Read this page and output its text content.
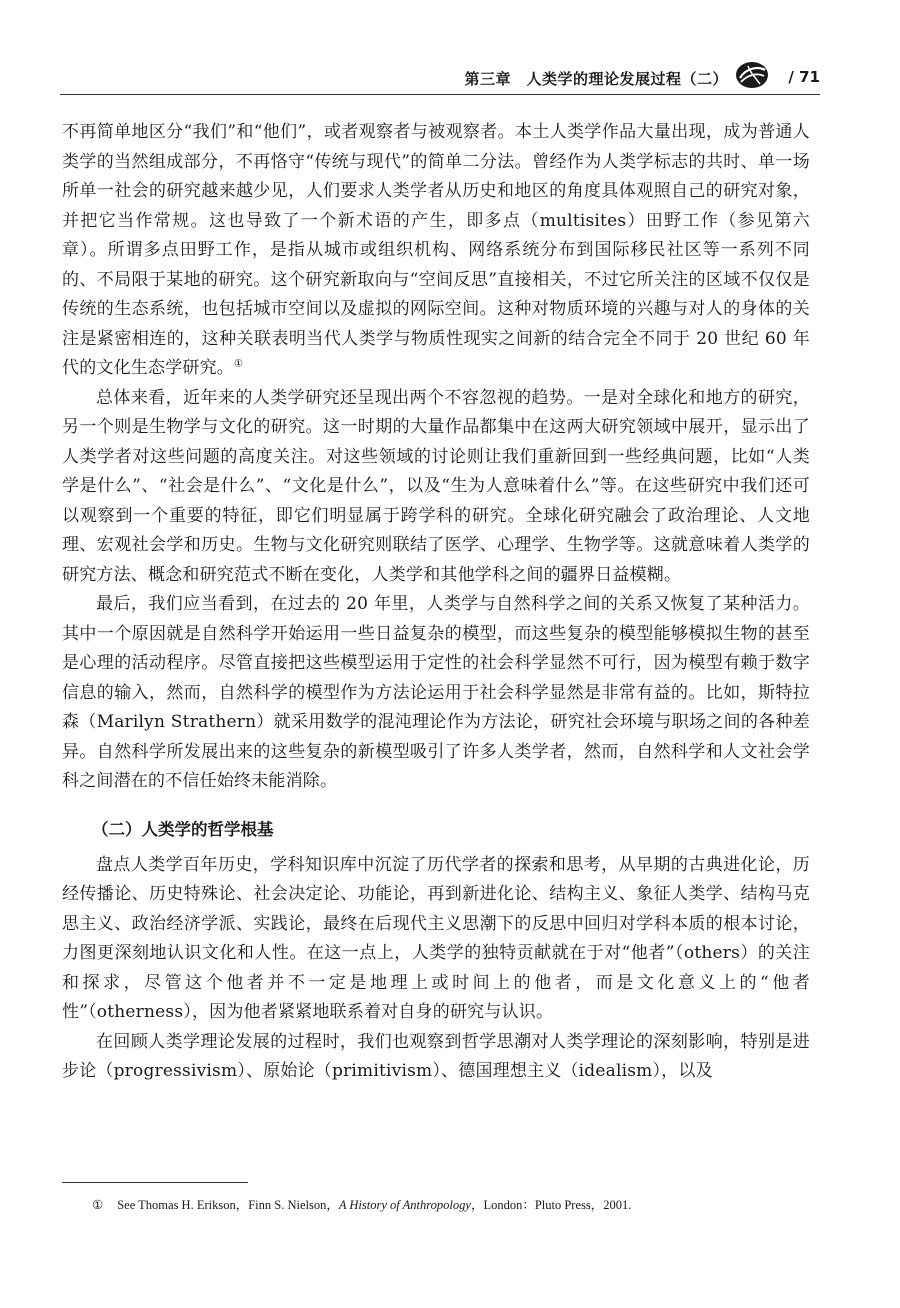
第三章　人类学的理论发展过程（二）	/ 71

不再简单地区分“我们”和“他们”，或者观察者与被观察者。本土人类学作品大量出现，成为普通人类学的当然组成部分，不再恪守“传统与现代”的简单二分法。曾经作为人类学标志的共时、单一场所单一社会的研究越来越少见，人们要求人类学者从历史和地区的角度具体观照自己的研究对象，并把它当作常规。这也导致了一个新术语的产生，即多点（multisites）田野工作（参见第六章）。所谓多点田野工作，是指从城市或组织机构、网络系统分布到国际移民社区等一系列不同的、不局限于某地的研究。这个研究新取向与“空间反思”直接相关，不过它所关注的区域不仅仅是传统的生态系统，也包括城市空间以及虚拟的网际空间。这种对物质环境的兴趣与对人的身体的关注是紧密相连的，这种关联表明当代人类学与物质性现实之间新的结合完全不同于 20 世纪 60 年代的文化生态学研究。①

总体来看，近年来的人类学研究还呈现出两个不容忽视的趋势。一是对全球化和地方的研究，另一个则是生物学与文化的研究。这一时期的大量作品都集中在这两大研究领域中展开，显示出了人类学者对这些问题的高度关注。对这些领域的讨论则让我们重新回到一些经典问题，比如“人类学是什么”、“社会是什么”、“文化是什么”，以及“生为人意味着什么”等。在这些研究中我们还可以观察到一个重要的特征，即它们明显属于跨学科的研究。全球化研究融会了政治理论、人文地理、宏观社会学和历史。生物与文化研究则联结了医学、心理学、生物学等。这就意味着人类学的研究方法、概念和研究范式不断在变化，人类学和其他学科之间的疆界日益模糊。

最后，我们应当看到，在过去的 20 年里，人类学与自然科学之间的关系又恢复了某种活力。其中一个原因就是自然科学开始运用一些日益复杂的模型，而这些复杂的模型能够模拟生物的甚至是心理的活动程序。尽管直接把这些模型运用于定性的社会科学显然不可行，因为模型有赖于数字信息的输入，然而，自然科学的模型作为方法论运用于社会科学显然是非常有益的。比如，斯特拉森（Marilyn Strathern）就采用数学的混沌理论作为方法论，研究社会环境与职场之间的各种差异。自然科学所发展出来的这些复杂的新模型吸引了许多人类学者，然而，自然科学和人文社会学科之间潜在的不信任始终未能消除。

（二）人类学的哲学根基

盘点人类学百年历史，学科知识库中沉淀了历代学者的探索和思考，从早期的古典进化论，历经传播论、历史特殊论、社会决定论、功能论，再到新进化论、结构主义、象征人类学、结构马克思主义、政治经济学派、实践论，最终在后现代主义思潮下的反思中回归对学科本质的根本讨论，力图更深刻地认识文化和人性。在这一点上，人类学的独特贡献就在于对“他者”（others）的关注和探求，尽管这个他者并不一定是地理上或时间上的他者，而是文化意义上的“他者性”（otherness），因为他者紧紧地联系着对自身的研究与认识。

在回顾人类学理论发展的过程时，我们也观察到哲学思潮对人类学理论的深刻影响，特别是进步论（progressivism）、原始论（primitivism）、德国理想主义（idealism），以及

① See Thomas H. Erikson，Finn S. Nielson，A History of Anthropology，London：Pluto Press，2001.
